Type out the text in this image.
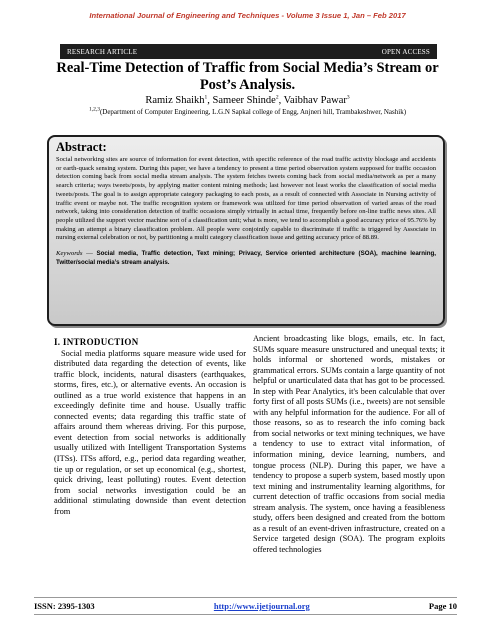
International Journal of Engineering and Techniques - Volume 3 Issue 1, Jan – Feb 2017
RESEARCH ARTICLE	OPEN ACCESS
Real-Time Detection of Traffic from Social Media’s Stream or Post’s Analysis.
Ramiz Shaikh$^1$, Sameer Shinde$^2$, Vaibhav Pawar$^3$
$^{1,2,3}$(Department of Computer Engineering, L.G.N Sapkal college of Engg, Anjneri hill, Trambakeshwer, Nashik)
Abstract:

Social networking sites are source of information for event detection, with specific reference of the road traffic activity blockage and accidents or earth-quack sensing system. During this paper, we have a tendency to present a time period observation system supposed for traffic occasion detection coming back from social media stream analysis. The system fetches tweets coming back from social media/network as per a many search criteria; ways tweets/posts, by applying matter content mining methods; last however not least works the classification of social media tweets/posts. The goal is to assign appropriate category packaging to each posts, as a result of connected with Associate in Nursing activity of traffic event or maybe not. The traffic recognition system or framework was utilized for time period observation of varied areas of the road network, taking into consideration detection of traffic occasions simply virtually in actual time, frequently before on-line traffic news sites. All people utilized the support vector machine sort of a classification unit; what is more, we tend to accomplish a good accuracy price of 95.76% by making an attempt a binary classification problem. All people were conjointly capable to discriminate if traffic is triggered by Associate in nursing external celebration or not, by partitioning a multi category classification issue and getting accuracy price of 88.89.

Keywords — Social media, Traffic detection, Text mining; Privacy, Service oriented architecture (SOA), machine learning, Twitter/social media’s stream analysis.
I. INTRODUCTION

Social media platforms square measure wide used for distributed data regarding the detection of events, like traffic block, incidents, natural disasters (earthquakes, storms, fires, etc.), or alternative events. An occasion is outlined as a true world existence that happens in an exceedingly definite time and house. Usually traffic connected events; data regarding this traffic state of affairs around them whereas driving. For this purpose, event detection from social networks is additionally usually utilized with Intelligent Transportation Systems (ITSs). ITSs afford, e.g., period data regarding weather, tie up or regulation, or set up economical (e.g., shortest, quick driving, least polluting) routes. Event detection from social networks investigation could be an additional stimulating downside than event detection from

Ancient broadcasting like blogs, emails, etc. In fact, SUMs square measure unstructured and unequal texts; it holds informal or shortened words, mistakes or grammatical errors. SUMs contain a large quantity of not helpful or unarticulated data that has got to be processed. In step with Pear Analytics, it's been calculable that over forty first of all posts SUMs (i.e., tweets) are not sensible with any helpful information for the audience. For all of those reasons, so as to research the info coming back from social networks or text mining techniques, we have a tendency to use to extract vital information, of information mining, device learning, numbers, and tongue process (NLP). During this paper, we have a tendency to propose a superb system, based mostly upon text mining and instrumentality learning algorithms, for current detection of traffic occasions from social media stream analysis. The system, once having a feasibleness study, offers been designed and created from the bottom as a result of an event-driven infrastructure, created on a Service targeted design (SOA). The program exploits offered technologies

ISSN: 2395-1303	http://www.ijetjournal.org	Page 10
